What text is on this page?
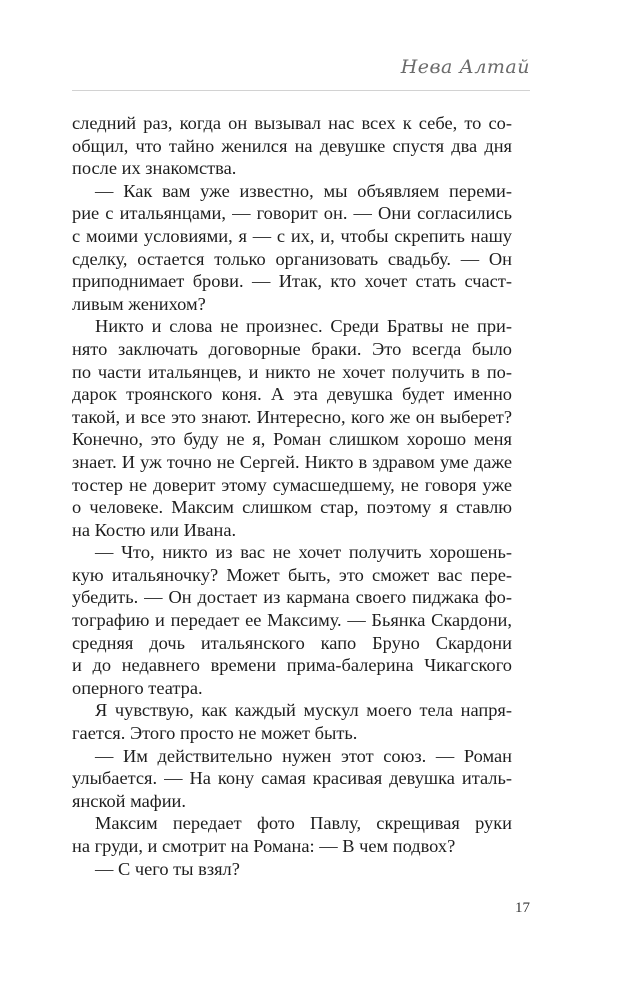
Нева Алтай
следний раз, когда он вызывал нас всех к себе, то со-
общил, что тайно женился на девушке спустя два дня
после их знакомства.
— Как вам уже известно, мы объявляем переми-
рие с итальянцами, — говорит он. — Они согласились
с моими условиями, я — с их, и, чтобы скрепить нашу
сделку, остается только организовать свадьбу. — Он
приподнимает брови. — Итак, кто хочет стать счаст-
ливым женихом?
Никто и слова не произнес. Среди Братвы не при-
нято заключать договорные браки. Это всегда было
по части итальянцев, и никто не хочет получить в по-
дарок троянского коня. А эта девушка будет именно
такой, и все это знают. Интересно, кого же он выберет?
Конечно, это буду не я, Роман слишком хорошо меня
знает. И уж точно не Сергей. Никто в здравом уме даже
тостер не доверит этому сумасшедшему, не говоря уже
о человеке. Максим слишком стар, поэтому я ставлю
на Костю или Ивана.
— Что, никто из вас не хочет получить хорошень-
кую итальяночку? Может быть, это сможет вас пере-
убедить. — Он достает из кармана своего пиджака фо-
тографию и передает ее Максиму. — Бьянка Скардони,
средняя дочь итальянского капо Бруно Скардони
и до недавнего времени прима-балерина Чикагского
оперного театра.
Я чувствую, как каждый мускул моего тела напря-
гается. Этого просто не может быть.
— Им действительно нужен этот союз. — Роман
улыбается. — На кону самая красивая девушка италь-
янской мафии.
Максим передает фото Павлу, скрещивая руки
на груди, и смотрит на Романа: — В чем подвох?
— С чего ты взял?
17
